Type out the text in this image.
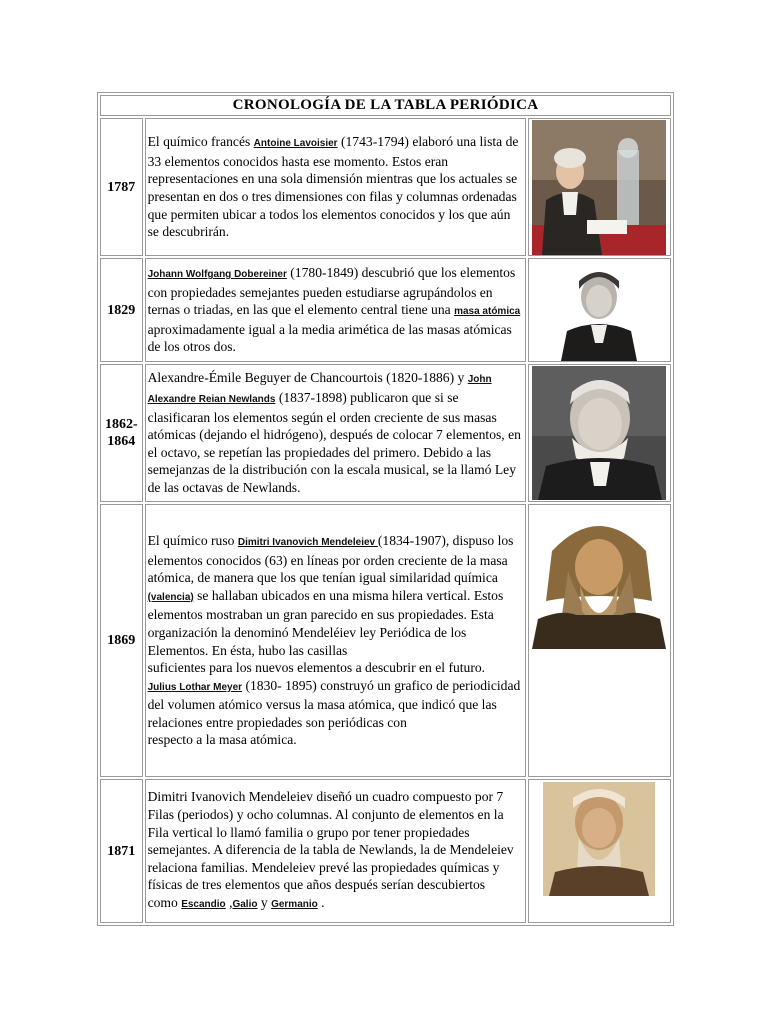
CRONOLOGÍA DE LA TABLA PERIÓDICA		
1787	El químico francés Antoine Lavoisier (1743-1794) elaboró una lista de 33 elementos conocidos hasta ese momento. Estos eran representaciones en una sola dimensión mientras que los actuales se presentan en dos o tres dimensiones con filas y columnas ordenadas que permiten ubicar a todos los elementos conocidos y los que aún se descubrirán.	

1829	Johann Wolfgang Dobereiner (1780-1849) descubrió que los elementos con propiedades semejantes pueden estudiarse agrupándolos en ternas o triadas, en las que el elemento central tiene una masa atómica aproximadamente igual a la media arimética de las masas atómicas de los otros dos.	

1862-1864	Alexandre-Émile Beguyer de Chancourtois (1820-1886) y John Alexandre Reian Newlands (1837-1898) publicaron que si se clasificaran los elementos según el orden creciente de sus masas atómicas (dejando el hidrógeno), después de colocar 7 elementos, en el octavo, se repetían las propiedades del primero. Debido a las semejanzas de la distribución con la escala musical, se la llamó Ley de las octavas de Newlands.	

1869	El químico ruso Dimitri Ivanovich Mendeleiev (1834-1907), dispuso los elementos conocidos (63) en líneas por orden creciente de la masa atómica, de manera que los que tenían igual similaridad química (valencia) se hallaban ubicados en una misma hilera vertical. Estos elementos mostraban un gran parecido en sus propiedades. Esta organización la denominó Mendeléiev ley Periódica de los Elementos. En ésta, hubo las casillas
suficientes para los nuevos elementos a descubrir en el futuro.
Julius Lothar Meyer (1830- 1895) construyó un grafico de periodicidad del volumen atómico versus la masa atómica, que indicó que las relaciones entre propiedades son periódicas con
respecto a la masa atómica.	

1871	Dimitri Ivanovich Mendeleiev diseñó un cuadro compuesto por 7 Filas (periodos) y ocho columnas. Al conjunto de elementos en la Fila vertical lo llamó familia o grupo por tener propiedades semejantes. A diferencia de la tabla de Newlands, la de Mendeleiev relaciona familias. Mendeleiev prevé las propiedades químicas y físicas de tres elementos que años después serían descubiertos
como Escandio ,Galio y Germanio .	
